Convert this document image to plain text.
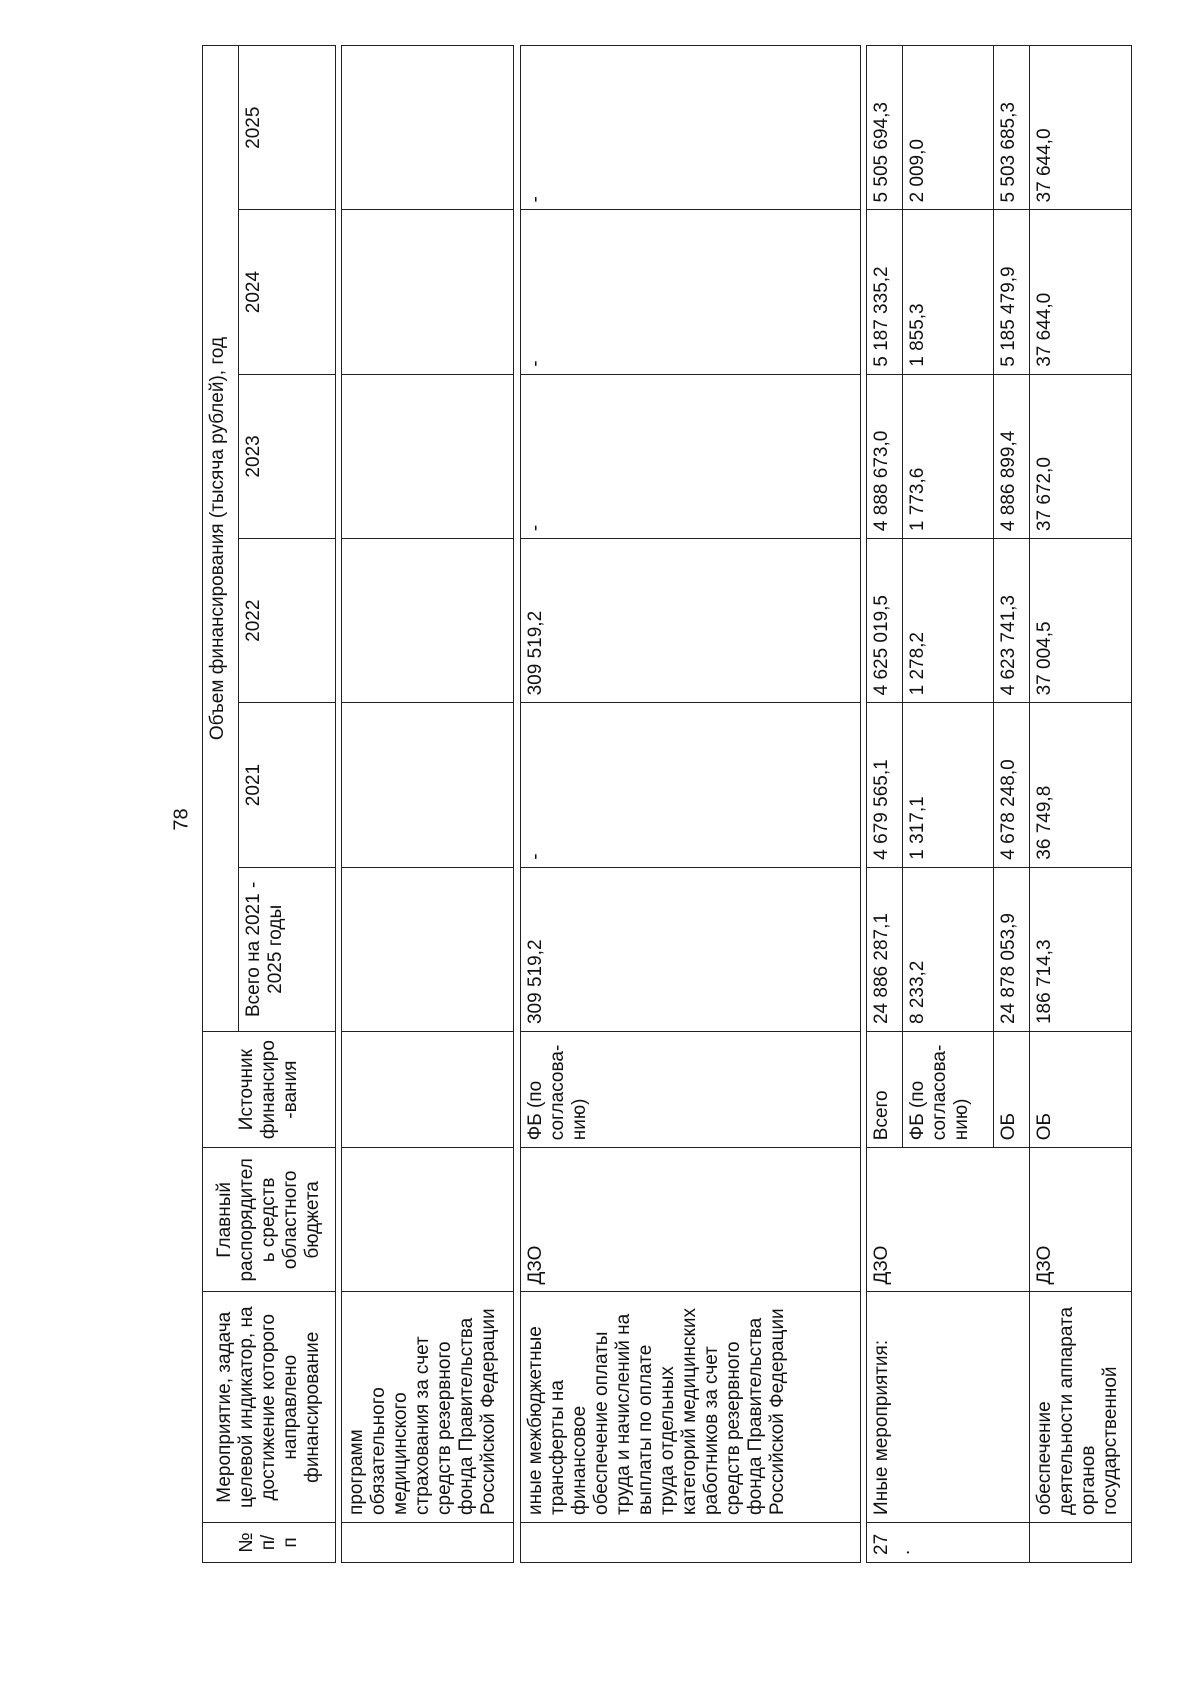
78
№ п/п	Мероприятие, задача целевой индикатор, на достижение которого направлено финансирование	Главный распорядитель средств областного бюджета	Источник финансиро-вания	Объем финансирования (тысяча рублей), год					
				Всего на 2021 - 2025 годы	2021	2022	2023	2024	2025

	программ обязательного медицинского страхования за счет средств резервного фонда Правительства Российской Федерации								

	иные межбюджетные трансферты на финансовое обеспечение оплаты труда и начислений на выплаты по оплате труда отдельных категорий медицинских работников за счет средств резервного фонда Правительства Российской Федерации	ДЗО	ФБ (по согласова-нию)	309 519,2	-	309 519,2	-	-	-

27.	Иные мероприятия:	ДЗО	Всего	24 886 287,1	4 679 565,1	4 625 019,5	4 888 673,0	5 187 335,2	5 505 694,3
			ФБ (по согласова-нию)	8 233,2	1 317,1	1 278,2	1 773,6	1 855,3	2 009,0
			ОБ	24 878 053,9	4 678 248,0	4 623 741,3	4 886 899,4	5 185 479,9	5 503 685,3
	обеспечение деятельности аппарата органов государственной	ДЗО	ОБ	186 714,3	36 749,8	37 004,5	37 672,0	37 644,0	37 644,0
